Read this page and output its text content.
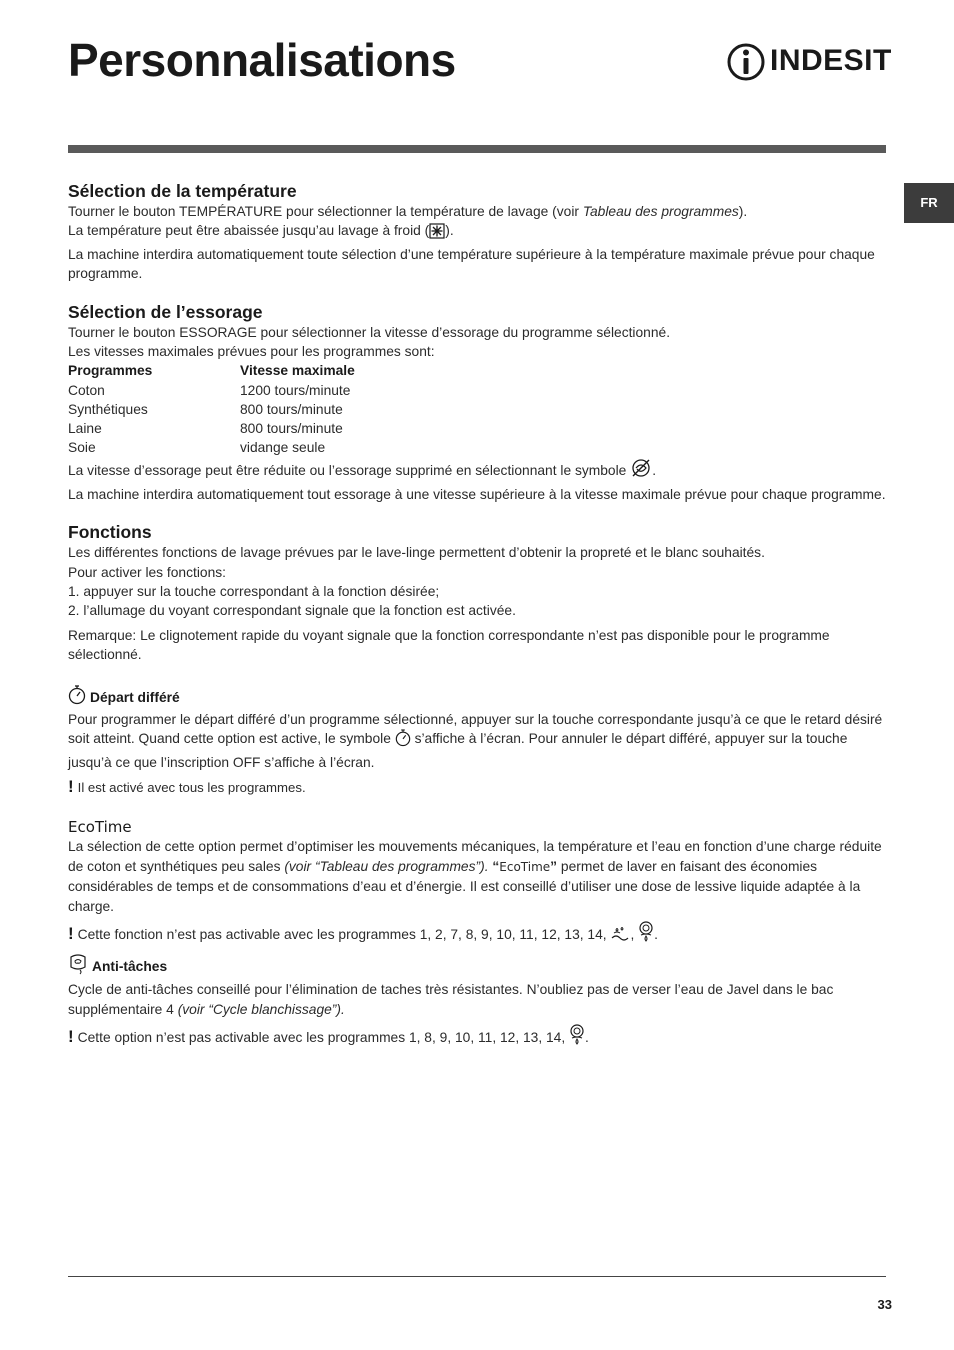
Personnalisations	INDESIT
FR
Sélection de la température

Tourner le bouton TEMPÉRATURE pour sélectionner la température de lavage (voir Tableau des programmes).

La température peut être abaissée jusqu’au lavage à froid ( ).

La machine interdira automatiquement toute sélection d’une température supérieure à la température maximale prévue pour chaque programme.

Sélection de l’essorage

Tourner le bouton ESSORAGE pour sélectionner la vitesse d’essorage du programme sélectionné.

Les vitesses maximales prévues pour les programmes sont:

Programmes	Vitesse maximale
Coton	1200 tours/minute
Synthétiques	800 tours/minute
Laine	800 tours/minute
Soie	vidange seule

La vitesse d’essorage peut être réduite ou l’essorage supprimé en sélectionnant le symbole .

La machine interdira automatiquement tout essorage à une vitesse supérieure à la vitesse maximale prévue pour chaque programme.

Fonctions

Les différentes fonctions de lavage prévues par le lave-linge permettent d’obtenir la propreté et le blanc souhaités.

Pour activer les fonctions:

1. appuyer sur la touche correspondant à la fonction désirée;

2. l’allumage du voyant correspondant signale que la fonction est activée.

Remarque: Le clignotement rapide du voyant signale que la fonction correspondante n’est pas disponible pour le programme sélectionné.

Départ différé

Pour programmer le départ différé d’un programme sélectionné, appuyer sur la touche correspondante jusqu’à ce que le retard désiré soit atteint. Quand cette option est active, le symbole s’affiche à l’écran. Pour annuler le départ différé, appuyer sur la touche jusqu’à ce que l’inscription OFF s’affiche à l’écran.

! Il est activé avec tous les programmes.

EcoTime

La sélection de cette option permet d’optimiser les mouvements mécaniques, la température et l’eau en fonction d’une charge réduite de coton et synthétiques peu sales (voir “Tableau des programmes”). “EcoTime” permet de laver en faisant des économies considérables de temps et de consommations d’eau et d’énergie. Il est conseillé d’utiliser une dose de lessive liquide adaptée à la charge.

! Cette fonction n’est pas activable avec les programmes 1, 2, 7, 8, 9, 10, 11, 12, 13, 14, , .

Anti-tâches

Cycle de anti-tâches conseillé pour l’élimination de taches très résistantes. N’oubliez pas de verser l’eau de Javel dans le bac supplémentaire 4 (voir “Cycle blanchissage”).

! Cette option n’est pas activable avec les programmes 1, 8, 9, 10, 11, 12, 13, 14, .

33
